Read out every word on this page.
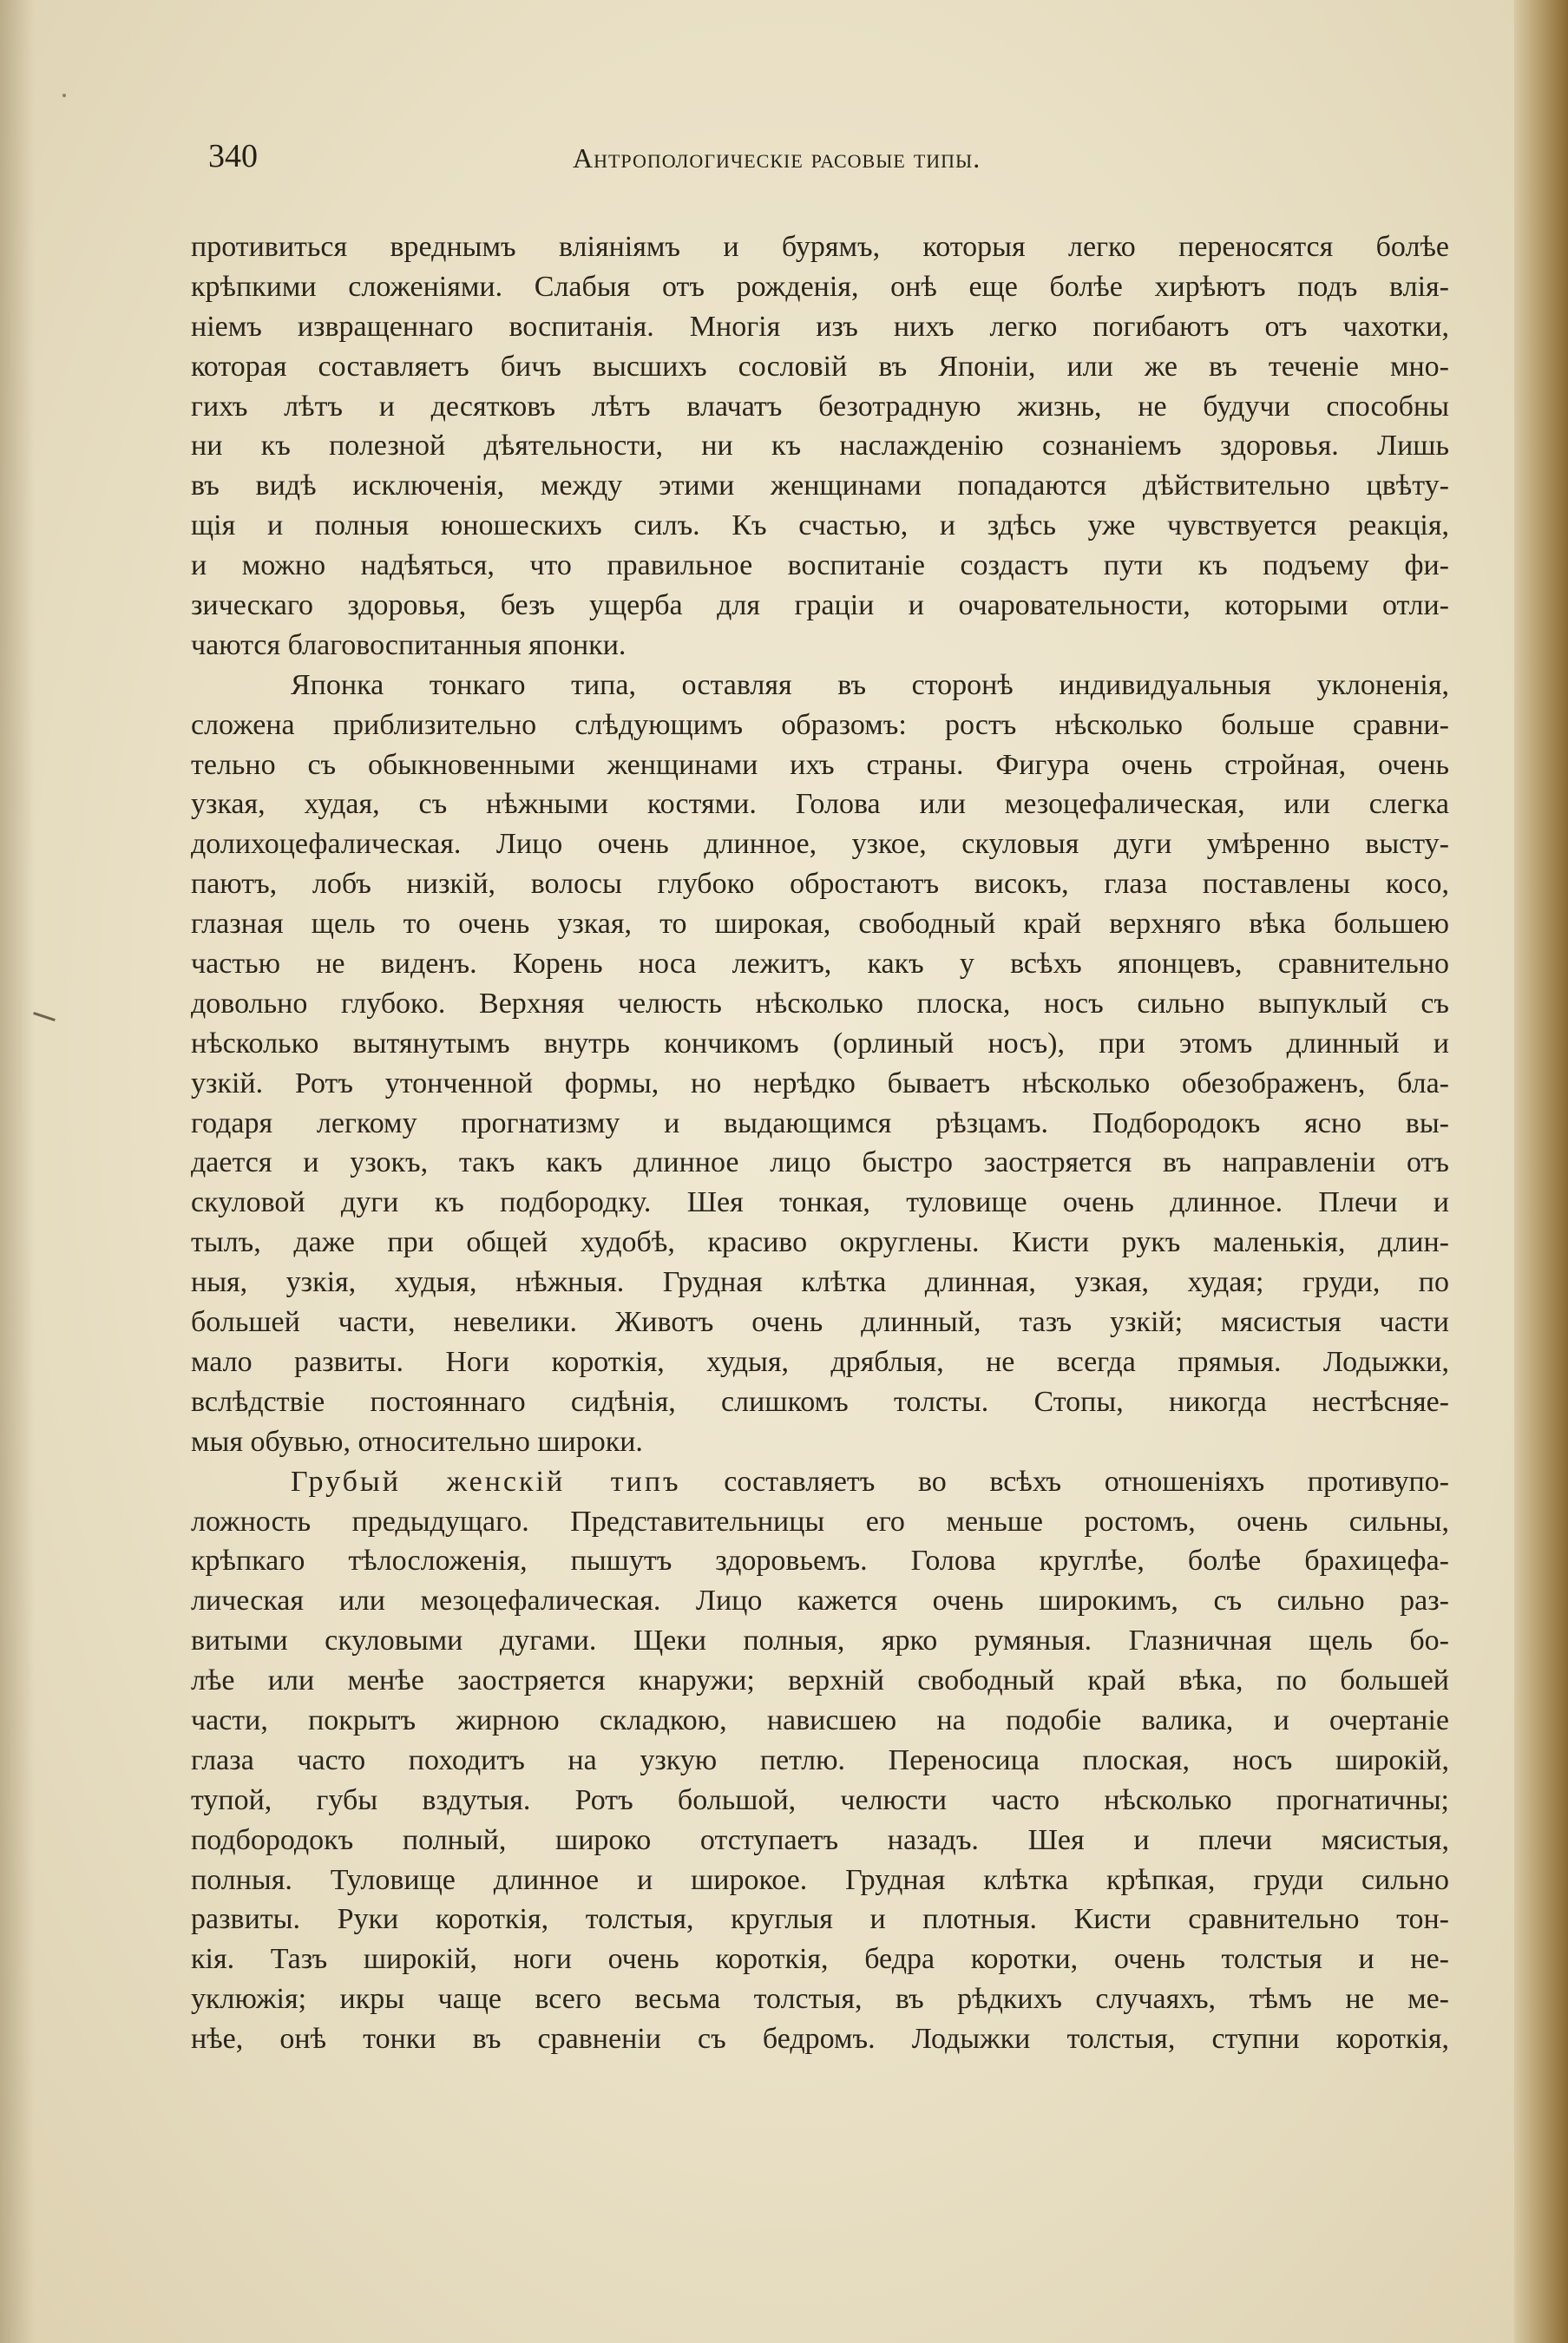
340	Антропологическіе расовые типы.
противиться вреднымъ вліяніямъ и бурямъ, которыя легко переносятся болѣе
крѣпкими сложеніями. Слабыя отъ рожденія, онѣ еще болѣе хирѣютъ подъ влія-
ніемъ извращеннаго воспитанія. Многія изъ нихъ легко погибаютъ отъ чахотки,
которая составляетъ бичъ высшихъ сословій въ Японіи, или же въ теченіе мно-
гихъ лѣтъ и десятковъ лѣтъ влачатъ безотрадную жизнь, не будучи способны
ни къ полезной дѣятельности, ни къ наслажденію сознаніемъ здоровья. Лишь
въ видѣ исключенія, между этими женщинами попадаются дѣйствительно цвѣту-
щія и полныя юношескихъ силъ. Къ счастью, и здѣсь уже чувствуется реакція,
и можно надѣяться, что правильное воспитаніе создастъ пути къ подъему фи-
зическаго здоровья, безъ ущерба для граціи и очаровательности, которыми отли-
чаются благовоспитанныя японки.
Японка тонкаго типа, оставляя въ сторонѣ индивидуальныя уклоненія,
сложена приблизительно слѣдующимъ образомъ: ростъ нѣсколько больше сравни-
тельно съ обыкновенными женщинами ихъ страны. Фигура очень стройная, очень
узкая, худая, съ нѣжными костями. Голова или мезоцефалическая, или слегка
долихоцефалическая. Лицо очень длинное, узкое, скуловыя дуги умѣренно высту-
паютъ, лобъ низкій, волосы глубоко обростаютъ високъ, глаза поставлены косо,
глазная щель то очень узкая, то широкая, свободный край верхняго вѣка большею
частью не виденъ. Корень носа лежитъ, какъ у всѣхъ японцевъ, сравнительно
довольно глубоко. Верхняя челюсть нѣсколько плоска, носъ сильно выпуклый съ
нѣсколько вытянутымъ внутрь кончикомъ (орлиный носъ), при этомъ длинный и
узкій. Ротъ утонченной формы, но нерѣдко бываетъ нѣсколько обезображенъ, бла-
годаря легкому прогнатизму и выдающимся рѣзцамъ. Подбородокъ ясно вы-
дается и узокъ, такъ какъ длинное лицо быстро заостряется въ направленіи отъ
скуловой дуги къ подбородку. Шея тонкая, туловище очень длинное. Плечи и
тылъ, даже при общей худобѣ, красиво округлены. Кисти рукъ маленькія, длин-
ныя, узкія, худыя, нѣжныя. Грудная клѣтка длинная, узкая, худая; груди, по
большей части, невелики. Животъ очень длинный, тазъ узкій; мясистыя части
мало развиты. Ноги короткія, худыя, дряблыя, не всегда прямыя. Лодыжки,
вслѣдствіе постояннаго сидѣнія, слишкомъ толсты. Стопы, никогда нестѣсняе-
мыя обувью, относительно широки.
Грубый женскій типъ составляетъ во всѣхъ отношеніяхъ противупо-
ложность предыдущаго. Представительницы его меньше ростомъ, очень сильны,
крѣпкаго тѣлосложенія, пышутъ здоровьемъ. Голова круглѣе, болѣе брахицефа-
лическая или мезоцефалическая. Лицо кажется очень широкимъ, съ сильно раз-
витыми скуловыми дугами. Щеки полныя, ярко румяныя. Глазничная щель бо-
лѣе или менѣе заостряется кнаружи; верхній свободный край вѣка, по большей
части, покрытъ жирною складкою, нависшею на подобіе валика, и очертаніе
глаза часто походитъ на узкую петлю. Переносица плоская, носъ широкій,
тупой, губы вздутыя. Ротъ большой, челюсти часто нѣсколько прогнатичны;
подбородокъ полный, широко отступаетъ назадъ. Шея и плечи мясистыя,
полныя. Туловище длинное и широкое. Грудная клѣтка крѣпкая, груди сильно
развиты. Руки короткія, толстыя, круглыя и плотныя. Кисти сравнительно тон-
кія. Тазъ широкій, ноги очень короткія, бедра коротки, очень толстыя и не-
уклюжія; икры чаще всего весьма толстыя, въ рѣдкихъ случаяхъ, тѣмъ не ме-
нѣе, онѣ тонки въ сравненіи съ бедромъ. Лодыжки толстыя, ступни короткія,
